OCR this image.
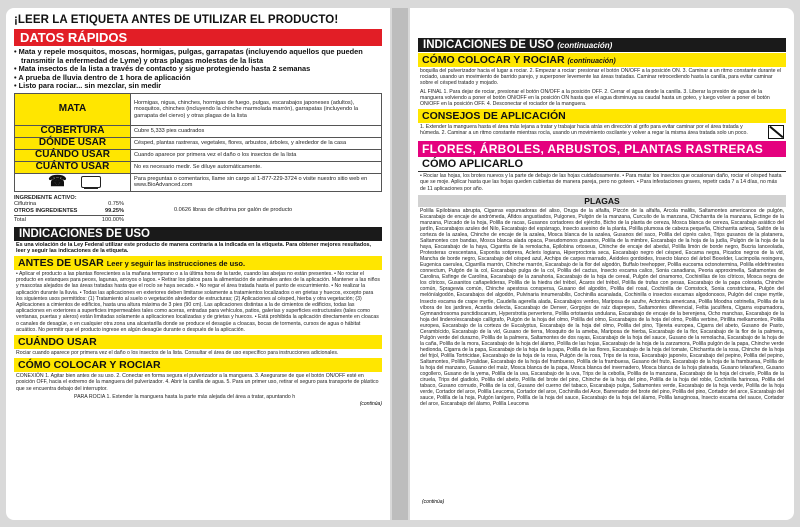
¡LEER LA ETIQUETA ANTES DE UTILIZAR EL PRODUCTO!
DATOS RÁPIDOS
• Mata y repele mosquitos, moscas, hormigas, pulgas, garrapatas (incluyendo aquellos que pueden transmitir la enfermedad de Lyme) y otras plagas molestas de la lista
• Mata insectos de la lista a través de contacto y sigue protegiendo hasta 2 semanas
• A prueba de lluvia dentro de 1 hora de aplicación
• Listo para rociar... sin mezclar, sin medir
MATA	Hormigas, nigua, chinches, hormigas de fuego, pulgas, escarabajos japoneses (adultos), mosquitos, chinches (incluyendo la chinche marmolada marrón), garrapatas (incluyendo la garrapata del ciervo) y otras plagas de la lista
COBERTURA	Cubre 5,333 pies cuadrados
DÓNDE USAR	Césped, plantas rastreras, vegetales, flores, arbustos, árboles, y alrededor de la casa
CUÁNDO USAR	Cuando aparece por primera vez el daño o los insectos de la lista
CUÁNTO USAR	No es necesario medir. Se diluye automáticamente.

☎	Para preguntas o comentarios, llame sin cargo al 1-877-229-3724 o visite nuestro sitio web en www.BioAdvanced.com
INGREDIENTE ACTIVO:
Ciflutrina	0.75%
OTROS INGREDIENTES	99.25%
Total	100.00%
0.0626 libras de ciflutrina por galón de producto
INDICACIONES DE USO
Es una violación de la Ley Federal utilizar este producto de manera contraria a la indicada en la etiqueta. Para obtener mejores resultados, leer y seguir las indicaciones de la etiqueta.
ANTES DE USAR Leer y seguir las instrucciones de uso.
• Aplicar el producto a las plantas florecientes a la mañana temprano o a la última hora de la tarde, cuando las abejas no están presentes. • No rociar el producto en estanques para peces, lagunas, arroyos o lagos. • Retirar los platos para la alimentación de animales antes de la aplicación. Mantener a las niños y mascotas alejados de las áreas tratadas hasta que el rocío se haya secado. • No regar el área tratada hasta el punto de escurrimiento. • No realizar la aplicación durante la lluvia. • Todas las aplicaciones en exteriores deben limitarse solamente a tratamientos localizados o en grietas y huecos, excepto para los siguientes usos permitidos: (1) Tratamiento al suelo o vegetación alrededor de estructuras; (2) Aplicaciones al césped, hierba y otra vegetación; (3) Aplicaciones a cimientos de edificios, hasta una altura máxima de 3 pies (90 cm). Las aplicaciones distintas a la de cimientos de edificios, todas las aplicaciones en exteriores a superficies impermeables tales como aceras, entradas para vehículos, patios, galerías y superficies estructurales (tales como ventanas, puertas y aleros) están limitadas solamente a aplicaciones localizadas y de grietas y huecos. • Está prohibida la aplicación directamente en cloacas o canales de desagüe, o en cualquier otra zona una alcantarilla donde se produce el desagüe a cloacas, bocas de tormenta, cursos de agua o hábitat acuático. No permitir que el producto ingrese en algún desagüe durante o después de la aplicación.
CUÁNDO USAR
Rociar cuando aparece por primera vez el daño o los insectos de la lista. Consultar el área de uso específico para instrucciones adicionales.
CÓMO COLOCAR Y ROCIAR
CONEXIÓN 1. Agitar bien antes de su uso. 2. Conectar en forma segura el pulverizador a la manguera. 3. Asegurarse de que el botón ON/OFF esté en posición OFF, hacia el extremo de la manguera del pulverizador. 4. Abrir la canilla de agua. 5. Para un primer uso, retirar el seguro para transporte de plástico que se encuentra debajo del interruptor.
PARA ROCIA 1. Extender la manguera hasta la parte más alejada del área a tratar, apuntando h
(continúa)
INDICACIONES DE USO (continuación)
CÓMO COLOCAR Y ROCIAR (continuación)
boquilla del pulverizador hacia el lugar a rociar. 2. Empezar a rociar: presionar el botón ON/OFF a la posición ON. 3. Caminar a un ritmo constante durante el rociado, usando un movimiento de barrido parejo, y superponer levemente las áreas tratadas. Caminar retrocediendo hasta la canilla, para evitar caminar sobre el césped tratado y mojado.
AL FINAL 1. Para dejar de rociar, presionar el botón ON/OFF a la posición OFF. 2. Cerrar el agua desde la canilla. 3. Liberar la presión de agua de la manguera volviendo a poner el botón ON/OFF en la posición ON hasta que el agua disminuya su caudal hasta un goteo, y luego volver a poner el botón ON/OFF en la posición OFF. 4. Desconectar el rociador de la manguera.
CONSEJOS DE APLICACIÓN
1. Extender la manguera hasta el área más lejana a tratar y trabajar hacia atrás en dirección al grifo para evitar caminar por el área tratada y húmeda. 2. Caminar a un ritmo constante mientras rocía, usando un movimiento oscilante y volver a regar la misma área tratada solo un poco.
FLORES, ÁRBOLES, ARBUSTOS, PLANTAS RASTRERAS
CÓMO APLICARLO
• Rociar las hojas, los brotes nuevos y la parte de debajo de las hojas cuidadosamente. • Para matar los insectos que ocasionan daño, rociar el césped hasta que se moje. Aplicar hasta que las hojas queden cubiertas de manera pareja, pero no goteen. • Para infestaciones graves, repetir cada 7 a 14 días, no más de 11 aplicaciones por año.
PLAGAS
Polilla Epilobiana abrupta, Cigarras espumadoras del aliso, Oruga de la alfalfa, Pizcón de la alfalfa, Arcola malilis, Saltamontes americanos de pulgón, Escarabajo de encaje de andrómeda, Áfidos angustiados, Pulgones, Pulgón de la manzana, Curculio de la manzana, Chicharrita de la manzana, Ectinge de la manzana, Pizcado de la hoja, Polilla de racas, Gusanos cortadores del ejército, Bicho de la planta de cereza, Mosca blanca de cereza, Escarabajo asiático del jardín, Escarabajos azules del Nilo, Escarabajo del espárrago, Insecto asesino de la planta, Polilla plumosa de cabeza pequeña, Chicharrita azteca, Saltón de la corteza de la azalea, Chinche de encaje de la azalea, Mosca blanca de la azalea, Gusanos del saco, Polilla del ciprés calvo, Trips gusanos de la platanera, Saltamontes con bandas, Mosca blanca alada opaca, Pseudomonos gusanos, Polilla de la mimbre, Escarabajo de la hoja de la judía, Pulgón de la hoja de la haya, Escarabajo de la haya, Cigarrita de la remolacha, Epilobina ortoseus, Chinche de encaje del abedul, Polilla limón de borde negro, Bucria lanceolada, Protesteras crescentana, Esponita sotiprera, Acleris logiana, Hiperproctoria seca, Escarabajo negro del césped, Escama negra, Picados negros de la vid, Mancha de borde negro, Escarabajo del césped azul, Archips de carpes marrado, Áxidoles gordoides, Insecto blanco del árbol Boxelder, Lacimpolia rexingera, Eugenica caerulea, Cigarrilla marrón, Chinche marrón, Escarabajo de la flor del algodón, Buffalo treehopper, Polilla eucosma octonotermina, Polilla eldefrinestes connectum, Pulgón de la col, Escarabajo pulga de la col, Polilla del cactus, Insecto escama calico, Sonia canadiana, Peoria approximella, Saltamontes de Carolina, Esfinge de Carolina, Escarabajo de la zanahoria, Escarabajo de la hoja de cereal, Pulgón del cinamomo, Cochinillas de los cítricos, Mosca negra de los cítricos, Gusanitos cañapelideras, Polilla de la hiedra del trébol, Ácaros del trébol, Polilla de trufas con pesas, Escarabajo de la papa colorada, Chinche común, Spragewia común, Chinche apestosa conspersa, Gusano del algodón, Polilla del rosal, Cochinilla de Comstock, Sonia constrictana, Pulgón del melón/algodón, Escarabajos del algodón, Pulvinaria innumerabilis, Cochinilla acanalada, Cochinilla o insectos escamas algodonosos, Pulgón del crape myrtle, Insecto escama de crape myrtle, Caudella agerella alada, Escarabajos verdes, Mariposa de azufre, Actonicta americana, Polilla Moodna ostrinella, Polilla de la víbora de los jardines, Acantia delecta, Escarabajo de Denver, Gorgojos de raíz diaprepes, Saltamontes diferencial, Feltia jaculifera, Cigarra espumadora, Gymnandrosoma punctidiscanum, Hyperstrotia pervertens, Polilla ortotaenia undulana, Escarabajo de encaje de la berenjena, Ocho manchas, Escarabajo de la hoja del lindero/escarabajo callígrafo, Pulgón de la hoja del olmo, Polilla del olmo, Escarabajos de la hoja del olmo, Polilla verbine, Pirillita melkamontes, Polilla europea, Escarabajo de la corteza de Eucalyptus, Escarabajo de la hoja del olmo, Polilla del pino, Tijereta europea, Cigarra del abeto, Gusano de Pasto, Cerambícido, Escarabajo de la vid, Gusano de tierra, Mosquito de la ameba, Mariposa de hierba, Escarabajo de la flor, Escarabajo de la flor de la palmera, Pulgón verde del durazno, Polilla de la palmera, Saltamontes de dos rayas, Escarabajo de la hoja del sauce, Gusano de la remolacha, Escarabajo de la hoja de la caña, Polilla de la mora, Escarabajo de la hoja del álamo, Polilla de las hojas, Escarabajo de la hoja de la zarzamora, Polilla pulgón de la papa, Chinche verde hedionda, Cigarra de la papa, Escarabajo de la hoja de la papa, Polilla de las flores, Escarabajo de la hoja del tomate, Chicharrita de la rosa, Chinche de la hoja del frijol, Polilla Tortricidae, Escarabajo de la hoja de la rosa, Pulgón de la rosa, Trips de la rosa, Escarabajo japonés, Escarabajo del pepino, Polilla del pepino, Saltamontes, Polilla Pyralidae, Escarabajo de la hoja del frambueso, Polilla de la frambuesa, Gusano del fruto, Escarabajo de la hoja de la frambuesa, Polilla de la hoja del manzano, Gusano del maíz, Mosca blanca de la papa, Mosca blanca del invernadero, Mosca blanca de la hoja plateada, Gusano telarañero, Gusano cogollero, Gusano de la yema, Polilla de la uva, Escarabajo de la uva, Trips de la cebolla, Polilla de la manzana, Escarabajo de la hoja del ciruelo, Polilla de la ciruela, Trips del gladiolo, Polilla del abeto, Polilla del brote del pino, Chinche de la hoja del pino, Polilla de la hoja del roble, Cochinilla harinosa, Polilla del tabaco, Gusano cornudo, Polilla de la col, Gusano del cuerno del tabaco, Escarabajo pulga, Saltamontes verde, Escarabajo de la hoja verde, Polilla de la hoja verde, Cortador del arce, Polilla Leucoma, Cortador del arce, Cochinilla del Arce, Barrenador del brote del pino, Polilla del pino, Cortador del arce, Escarabajo del sauce, Polilla de la hoja, Pulgón lanígero, Polilla de la hoja del sauce, Escarabajo de la hoja del álamo, Polilla lanuginosa, Insecto escama del sauce, Cortador del arce, Escarabajo del álamo, Polilla Leucoma
(continúa)
